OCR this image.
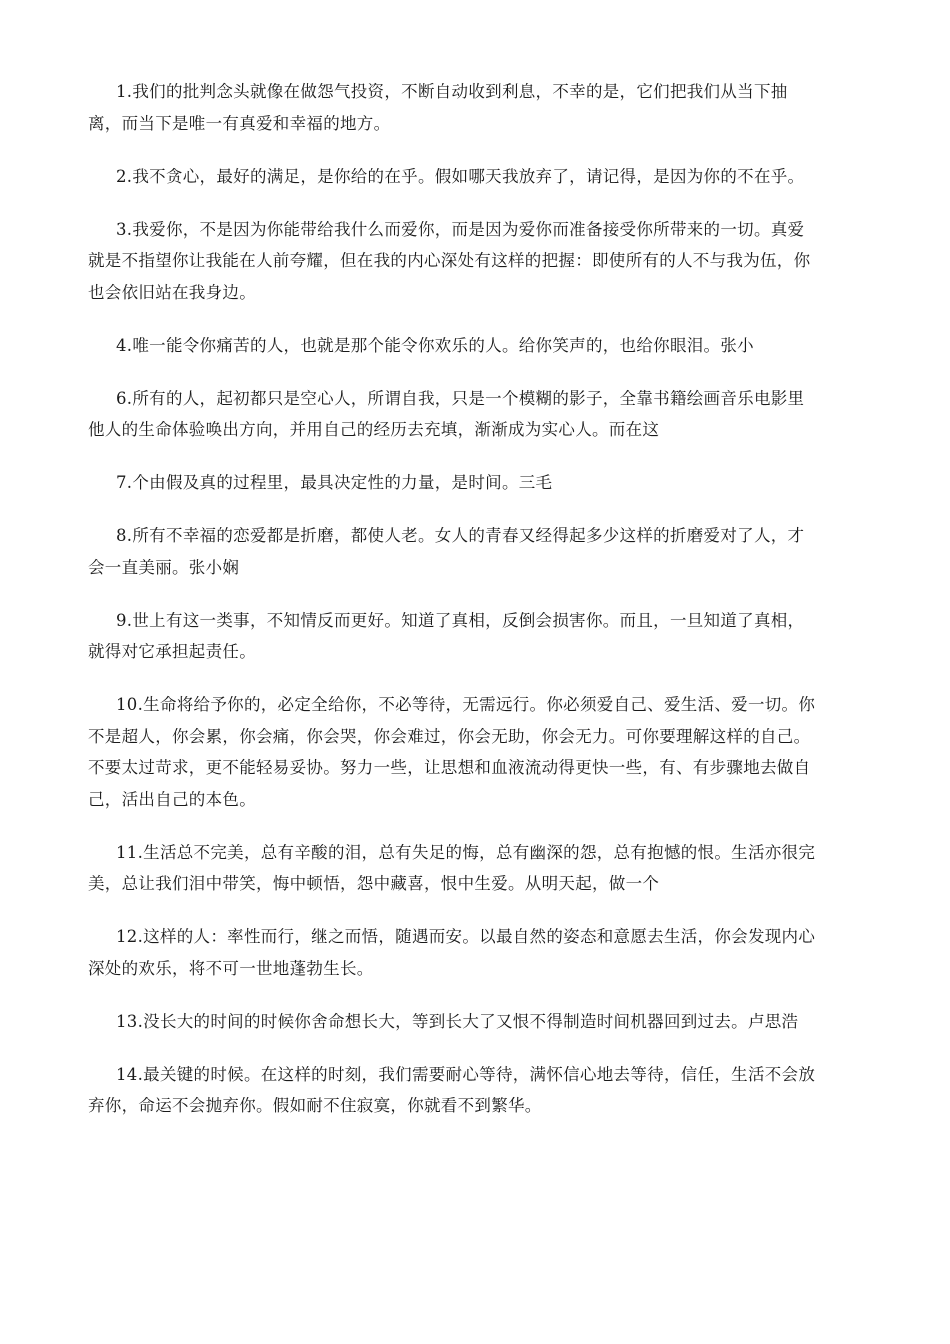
1.我们的批判念头就像在做怨气投资，不断自动收到利息，不幸的是，它们把我们从当下抽
离，而当下是唯一有真爱和幸福的地方。

2.我不贪心，最好的满足，是你给的在乎。假如哪天我放弃了，请记得，是因为你的不在乎。

3.我爱你，不是因为你能带给我什么而爱你，而是因为爱你而准备接受你所带来的一切。真爱
就是不指望你让我能在人前夸耀，但在我的内心深处有这样的把握：即使所有的人不与我为伍，你
也会依旧站在我身边。

4.唯一能令你痛苦的人，也就是那个能令你欢乐的人。给你笑声的，也给你眼泪。张小

6.所有的人，起初都只是空心人，所谓自我，只是一个模糊的影子，全靠书籍绘画音乐电影里
他人的生命体验唤出方向，并用自己的经历去充填，渐渐成为实心人。而在这

7.个由假及真的过程里，最具决定性的力量，是时间。三毛

8.所有不幸福的恋爱都是折磨，都使人老。女人的青春又经得起多少这样的折磨爱对了人，才
会一直美丽。张小娴

9.世上有这一类事，不知情反而更好。知道了真相，反倒会损害你。而且，一旦知道了真相，
就得对它承担起责任。

10.生命将给予你的，必定全给你，不必等待，无需远行。你必须爱自己、爱生活、爱一切。你
不是超人，你会累，你会痛，你会哭，你会难过，你会无助，你会无力。可你要理解这样的自己。
不要太过苛求，更不能轻易妥协。努力一些，让思想和血液流动得更快一些，有、有步骤地去做自
己，活出自己的本色。

11.生活总不完美，总有辛酸的泪，总有失足的悔，总有幽深的怨，总有抱憾的恨。生活亦很完
美，总让我们泪中带笑，悔中顿悟，怨中藏喜，恨中生爱。从明天起，做一个

12.这样的人：率性而行，继之而悟，随遇而安。以最自然的姿态和意愿去生活，你会发现内心
深处的欢乐，将不可一世地蓬勃生长。

13.没长大的时间的时候你舍命想长大，等到长大了又恨不得制造时间机器回到过去。卢思浩

14.最关键的时候。在这样的时刻，我们需要耐心等待，满怀信心地去等待，信任，生活不会放
弃你，命运不会抛弃你。假如耐不住寂寞，你就看不到繁华。
